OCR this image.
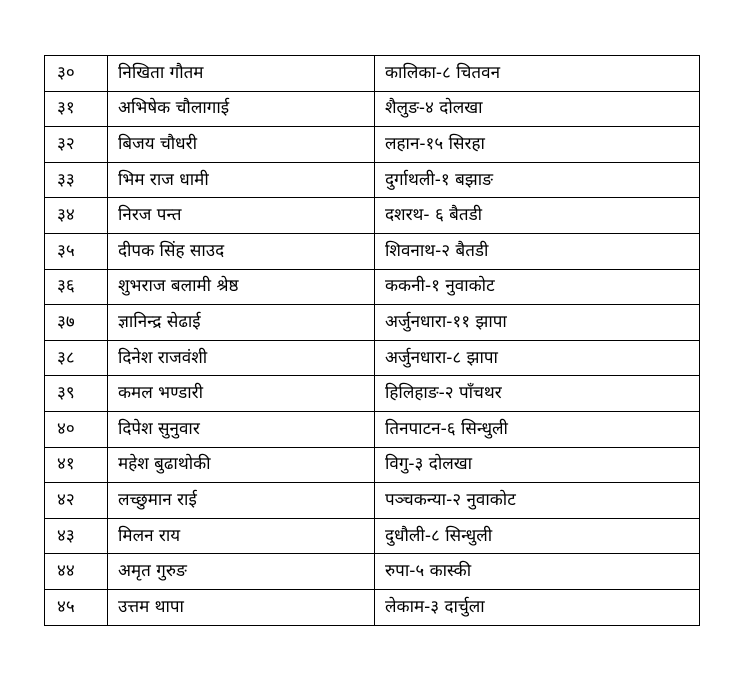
३०	निखिता गौतम	कालिका-८ चितवन
३१	अभिषेक चौलागाई	शैलुङ-४ दोलखा
३२	बिजय चौधरी	लहान-१५ सिरहा
३३	भिम राज धामी	दुर्गाथली-१ बझाङ
३४	निरज पन्त	दशरथ- ६ बैतडी
३५	दीपक सिंह साउद	शिवनाथ-२ बैतडी
३६	शुभराज बलामी श्रेष्ठ	ककनी-१ नुवाकोट
३७	ज्ञानिन्द्र सेढाई	अर्जुनधारा-११ झापा
३८	दिनेश राजवंशी	अर्जुनधारा-८ झापा
३९	कमल भण्डारी	हिलिहाङ-२ पाँचथर
४०	दिपेश सुनुवार	तिनपाटन-६ सिन्धुली
४१	महेश बुढाथोकी	विगु-३ दोलखा
४२	लच्छुमान राई	पञ्चकन्या-२ नुवाकोट
४३	मिलन राय	दुधौली-८ सिन्धुली
४४	अमृत गुरुङ	रुपा-५ कास्की
४५	उत्तम थापा	लेकाम-३ दार्चुला
